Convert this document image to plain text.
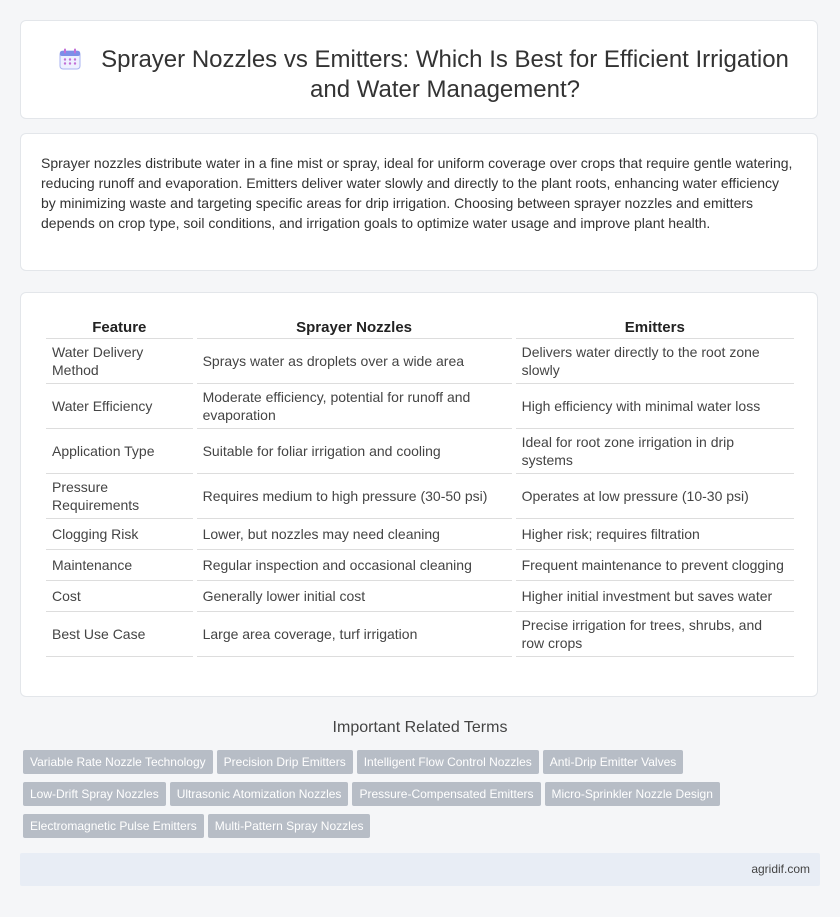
Sprayer Nozzles vs Emitters: Which Is Best for Efficient Irrigation and Water Management?

Sprayer nozzles distribute water in a fine mist or spray, ideal for uniform coverage over crops that require gentle watering, reducing runoff and evaporation. Emitters deliver water slowly and directly to the plant roots, enhancing water efficiency by minimizing waste and targeting specific areas for drip irrigation. Choosing between sprayer nozzles and emitters depends on crop type, soil conditions, and irrigation goals to optimize water usage and improve plant health.

Feature	Sprayer Nozzles	Emitters
Water Delivery Method	Sprays water as droplets over a wide area	Delivers water directly to the root zone slowly
Water Efficiency	Moderate efficiency, potential for runoff and evaporation	High efficiency with minimal water loss
Application Type	Suitable for foliar irrigation and cooling	Ideal for root zone irrigation in drip systems
Pressure Requirements	Requires medium to high pressure (30-50 psi)	Operates at low pressure (10-30 psi)
Clogging Risk	Lower, but nozzles may need cleaning	Higher risk; requires filtration
Maintenance	Regular inspection and occasional cleaning	Frequent maintenance to prevent clogging
Cost	Generally lower initial cost	Higher initial investment but saves water
Best Use Case	Large area coverage, turf irrigation	Precise irrigation for trees, shrubs, and row crops
Important Related Terms
Variable Rate Nozzle Technology Precision Drip Emitters Intelligent Flow Control Nozzles Anti-Drip Emitter Valves
Low-Drift Spray Nozzles Ultrasonic Atomization Nozzles Pressure-Compensated Emitters Micro-Sprinkler Nozzle Design
Electromagnetic Pulse Emitters Multi-Pattern Spray Nozzles
agridif.com
